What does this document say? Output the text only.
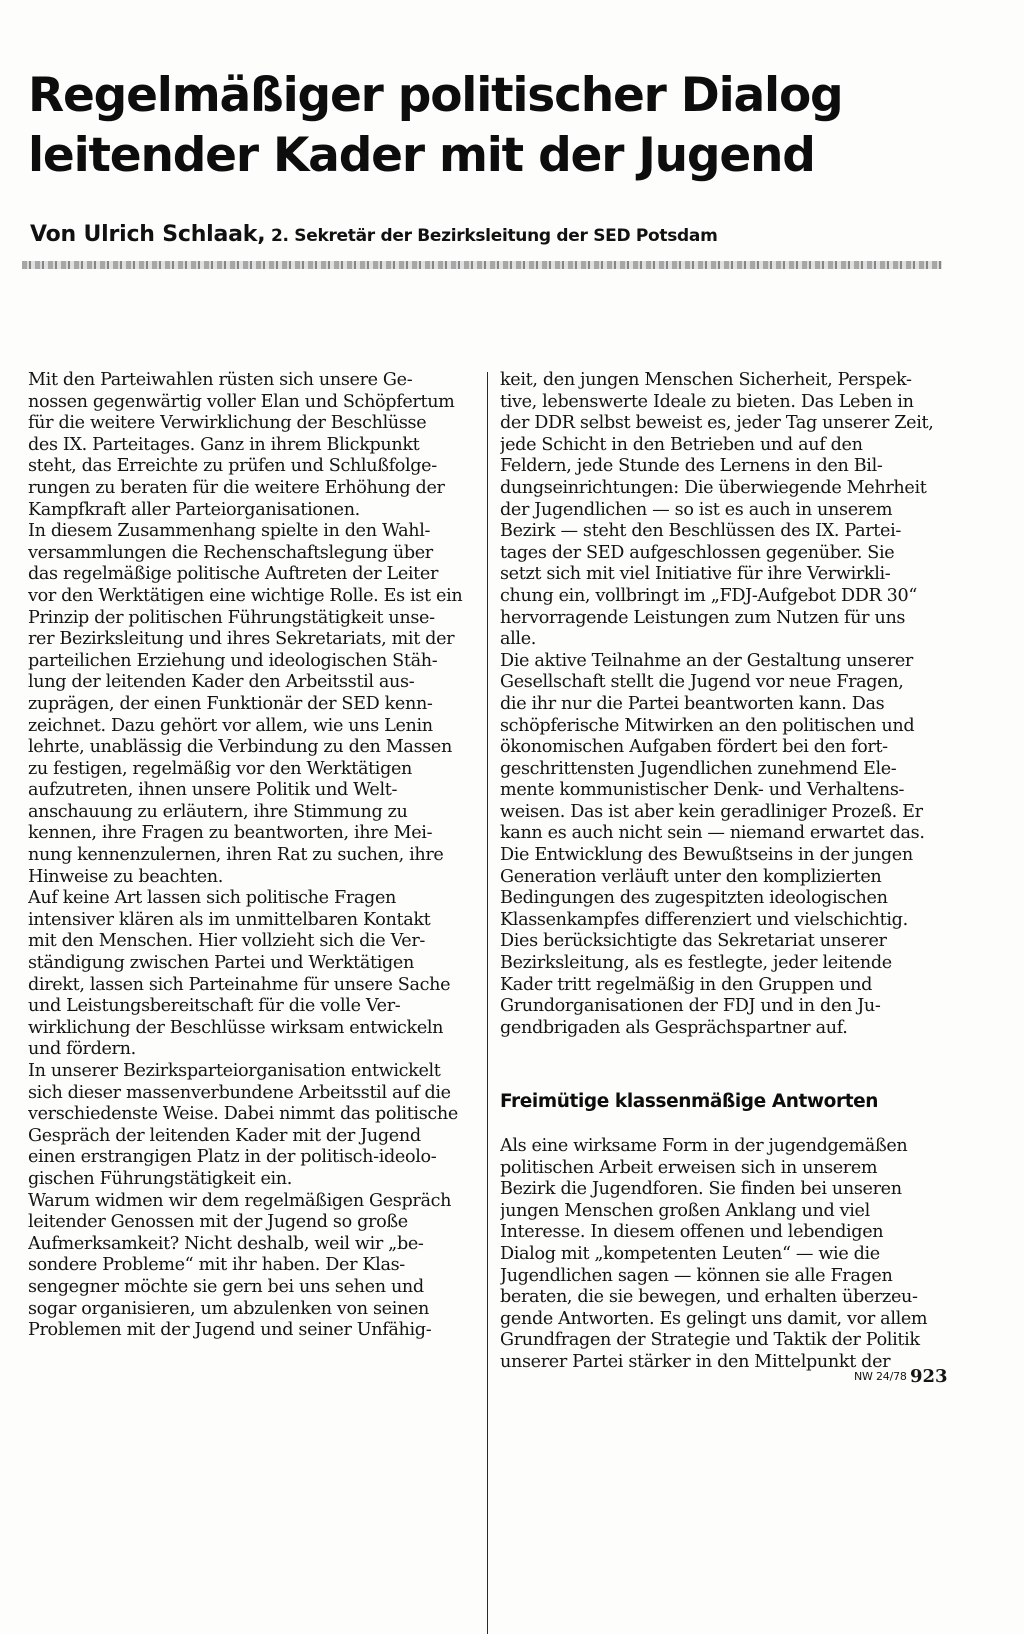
Regelmäßiger politischer Dialog
leitender Kader mit der Jugend

Von Ulrich Schlaak, 2. Sekretär der Bezirksleitung der SED Potsdam

Mit den Parteiwahlen rüsten sich unsere Ge-
nossen gegenwärtig voller Elan und Schöpfertum
für die weitere Verwirklichung der Beschlüsse
des IX. Parteitages. Ganz in ihrem Blickpunkt
steht, das Erreichte zu prüfen und Schlußfolge-
rungen zu beraten für die weitere Erhöhung der
Kampfkraft aller Parteiorganisationen.
In diesem Zusammenhang spielte in den Wahl-
versammlungen die Rechenschaftslegung über
das regelmäßige politische Auftreten der Leiter
vor den Werktätigen eine wichtige Rolle. Es ist ein
Prinzip der politischen Führungstätigkeit unse-
rer Bezirksleitung und ihres Sekretariats, mit der
parteilichen Erziehung und ideologischen Stäh-
lung der leitenden Kader den Arbeitsstil aus-
zuprägen, der einen Funktionär der SED kenn-
zeichnet. Dazu gehört vor allem, wie uns Lenin
lehrte, unablässig die Verbindung zu den Massen
zu festigen, regelmäßig vor den Werktätigen
aufzutreten, ihnen unsere Politik und Welt-
anschauung zu erläutern, ihre Stimmung zu
kennen, ihre Fragen zu beantworten, ihre Mei-
nung kennenzulernen, ihren Rat zu suchen, ihre
Hinweise zu beachten.
Auf keine Art lassen sich politische Fragen
intensiver klären als im unmittelbaren Kontakt
mit den Menschen. Hier vollzieht sich die Ver-
ständigung zwischen Partei und Werktätigen
direkt, lassen sich Parteinahme für unsere Sache
und Leistungsbereitschaft für die volle Ver-
wirklichung der Beschlüsse wirksam entwickeln
und fördern.
In unserer Bezirksparteiorganisation entwickelt
sich dieser massenverbundene Arbeitsstil auf die
verschiedenste Weise. Dabei nimmt das politische
Gespräch der leitenden Kader mit der Jugend
einen erstrangigen Platz in der politisch-ideolo-
gischen Führungstätigkeit ein.
Warum widmen wir dem regelmäßigen Gespräch
leitender Genossen mit der Jugend so große
Aufmerksamkeit? Nicht deshalb, weil wir „be-
sondere Probleme“ mit ihr haben. Der Klas-
sengegner möchte sie gern bei uns sehen und
sogar organisieren, um abzulenken von seinen
Problemen mit der Jugend und seiner Unfähig-
keit, den jungen Menschen Sicherheit, Perspek-
tive, lebenswerte Ideale zu bieten. Das Leben in
der DDR selbst beweist es, jeder Tag unserer Zeit,
jede Schicht in den Betrieben und auf den
Feldern, jede Stunde des Lernens in den Bil-
dungseinrichtungen: Die überwiegende Mehrheit
der Jugendlichen — so ist es auch in unserem
Bezirk — steht den Beschlüssen des IX. Partei-
tages der SED aufgeschlossen gegenüber. Sie
setzt sich mit viel Initiative für ihre Verwirkli-
chung ein, vollbringt im „FDJ-Aufgebot DDR 30“
hervorragende Leistungen zum Nutzen für uns
alle.
Die aktive Teilnahme an der Gestaltung unserer
Gesellschaft stellt die Jugend vor neue Fragen,
die ihr nur die Partei beantworten kann. Das
schöpferische Mitwirken an den politischen und
ökonomischen Aufgaben fördert bei den fort-
geschrittensten Jugendlichen zunehmend Ele-
mente kommunistischer Denk- und Verhaltens-
weisen. Das ist aber kein geradliniger Prozeß. Er
kann es auch nicht sein — niemand erwartet das.
Die Entwicklung des Bewußtseins in der jungen
Generation verläuft unter den komplizierten
Bedingungen des zugespitzten ideologischen
Klassenkampfes differenziert und vielschichtig.
Dies berücksichtigte das Sekretariat unserer
Bezirksleitung, als es festlegte, jeder leitende
Kader tritt regelmäßig in den Gruppen und
Grundorganisationen der FDJ und in den Ju-
gendbrigaden als Gesprächspartner auf.
Freimütige klassenmäßige Antworten
Als eine wirksame Form in der jugendgemäßen
politischen Arbeit erweisen sich in unserem
Bezirk die Jugendforen. Sie finden bei unseren
jungen Menschen großen Anklang und viel
Interesse. In diesem offenen und lebendigen
Dialog mit „kompetenten Leuten“ — wie die
Jugendlichen sagen — können sie alle Fragen
beraten, die sie bewegen, und erhalten überzeu-
gende Antworten. Es gelingt uns damit, vor allem
Grundfragen der Strategie und Taktik der Politik
unserer Partei stärker in den Mittelpunkt der
NW 24/78 923
